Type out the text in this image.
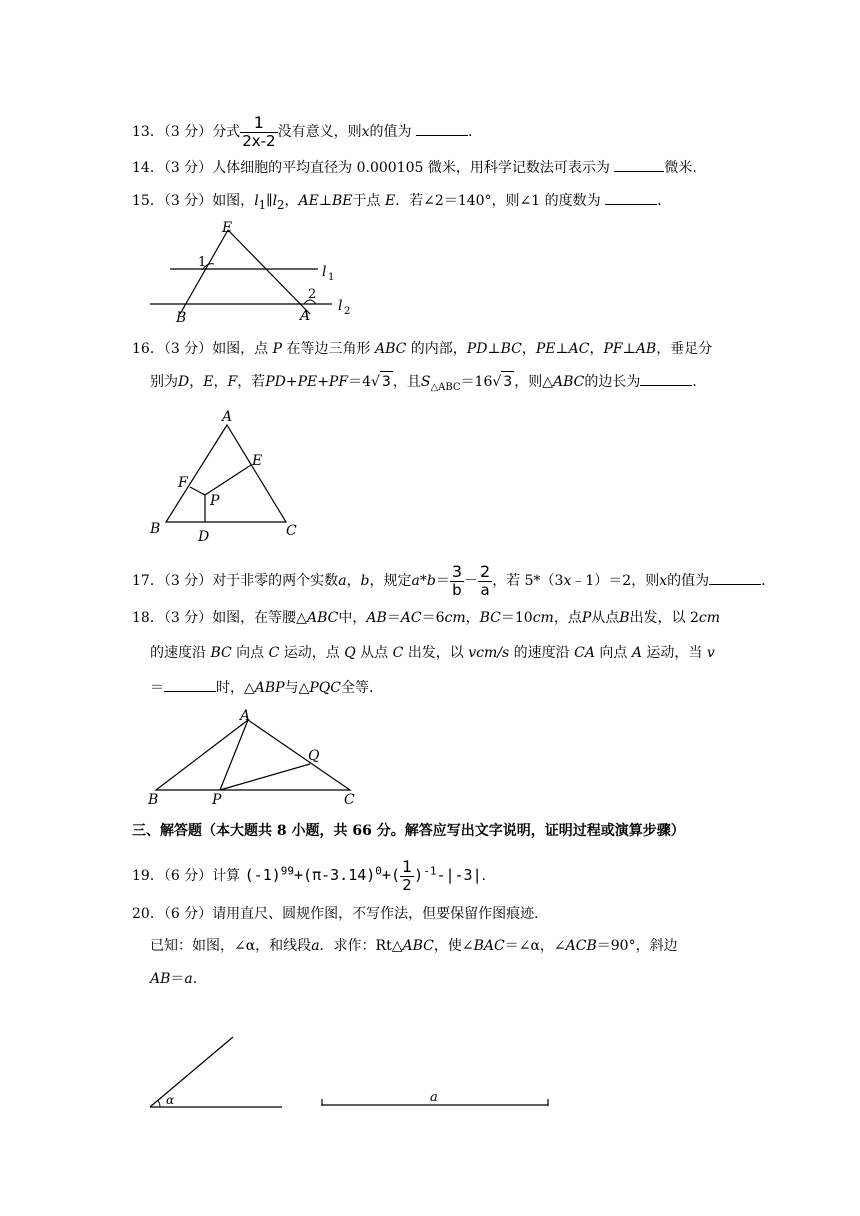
13．（3 分）分式 $\frac{1}{2x-2}$ 没有意义，则x的值为	.
14．（3 分）人体细胞的平均直径为 0.000105 微米，用科学记数法可表示为	微米.
15．（3 分）如图，$l_1\parallel l_2$，AE⊥BE于点 E．若∠2＝140°，则∠1 的度数为	．
E
1
2
B	A
l 1
l 2
16．（3 分）如图，点 P 在等边三角形 ABC 的内部，PD⊥BC，PE⊥AC，PF⊥AB，垂足分
别为D，E，F，若PD+PE+PF＝4√ 3 ，且$S_{\triangle ABC}=16√$ 3 ，则△ABC的边长为	．
A
B	C
D
E
F
P
17．（3 分）对于非零的两个实数a，b，规定$a*b= \frac{3}{b} - \frac{2}{a}$ ，若 5*（3x﹣1）＝2，则x的值为	．
18．（3 分）如图，在等腰△ABC中，AB＝AC＝6cm，BC＝10cm，点P从点B出发，以 2cm
的速度沿 BC 向点 C 运动，点 Q 从点 C 出发，以 vcm/s 的速度沿 CA 向点 A 运动，当 v
＝	时，△ABP与△PQC全等．
A
B	C
P
Q
三、解答题（本大题共 8 小题，共 66 分。解答应写出文字说明，证明过程或演算步骤）
19．（6 分）计算 $(-1)^{99}+(\pi-3.14)^0+( \frac{1}{2} )^{-1}-|-3|$.
20．（6 分）请用直尺、圆规作图，不写作法，但要保留作图痕迹．
已知：如图，∠α，和线段a．求作：Rt△ABC，使∠BAC＝∠α，∠ACB＝90°，斜边
AB＝a.
α	a
